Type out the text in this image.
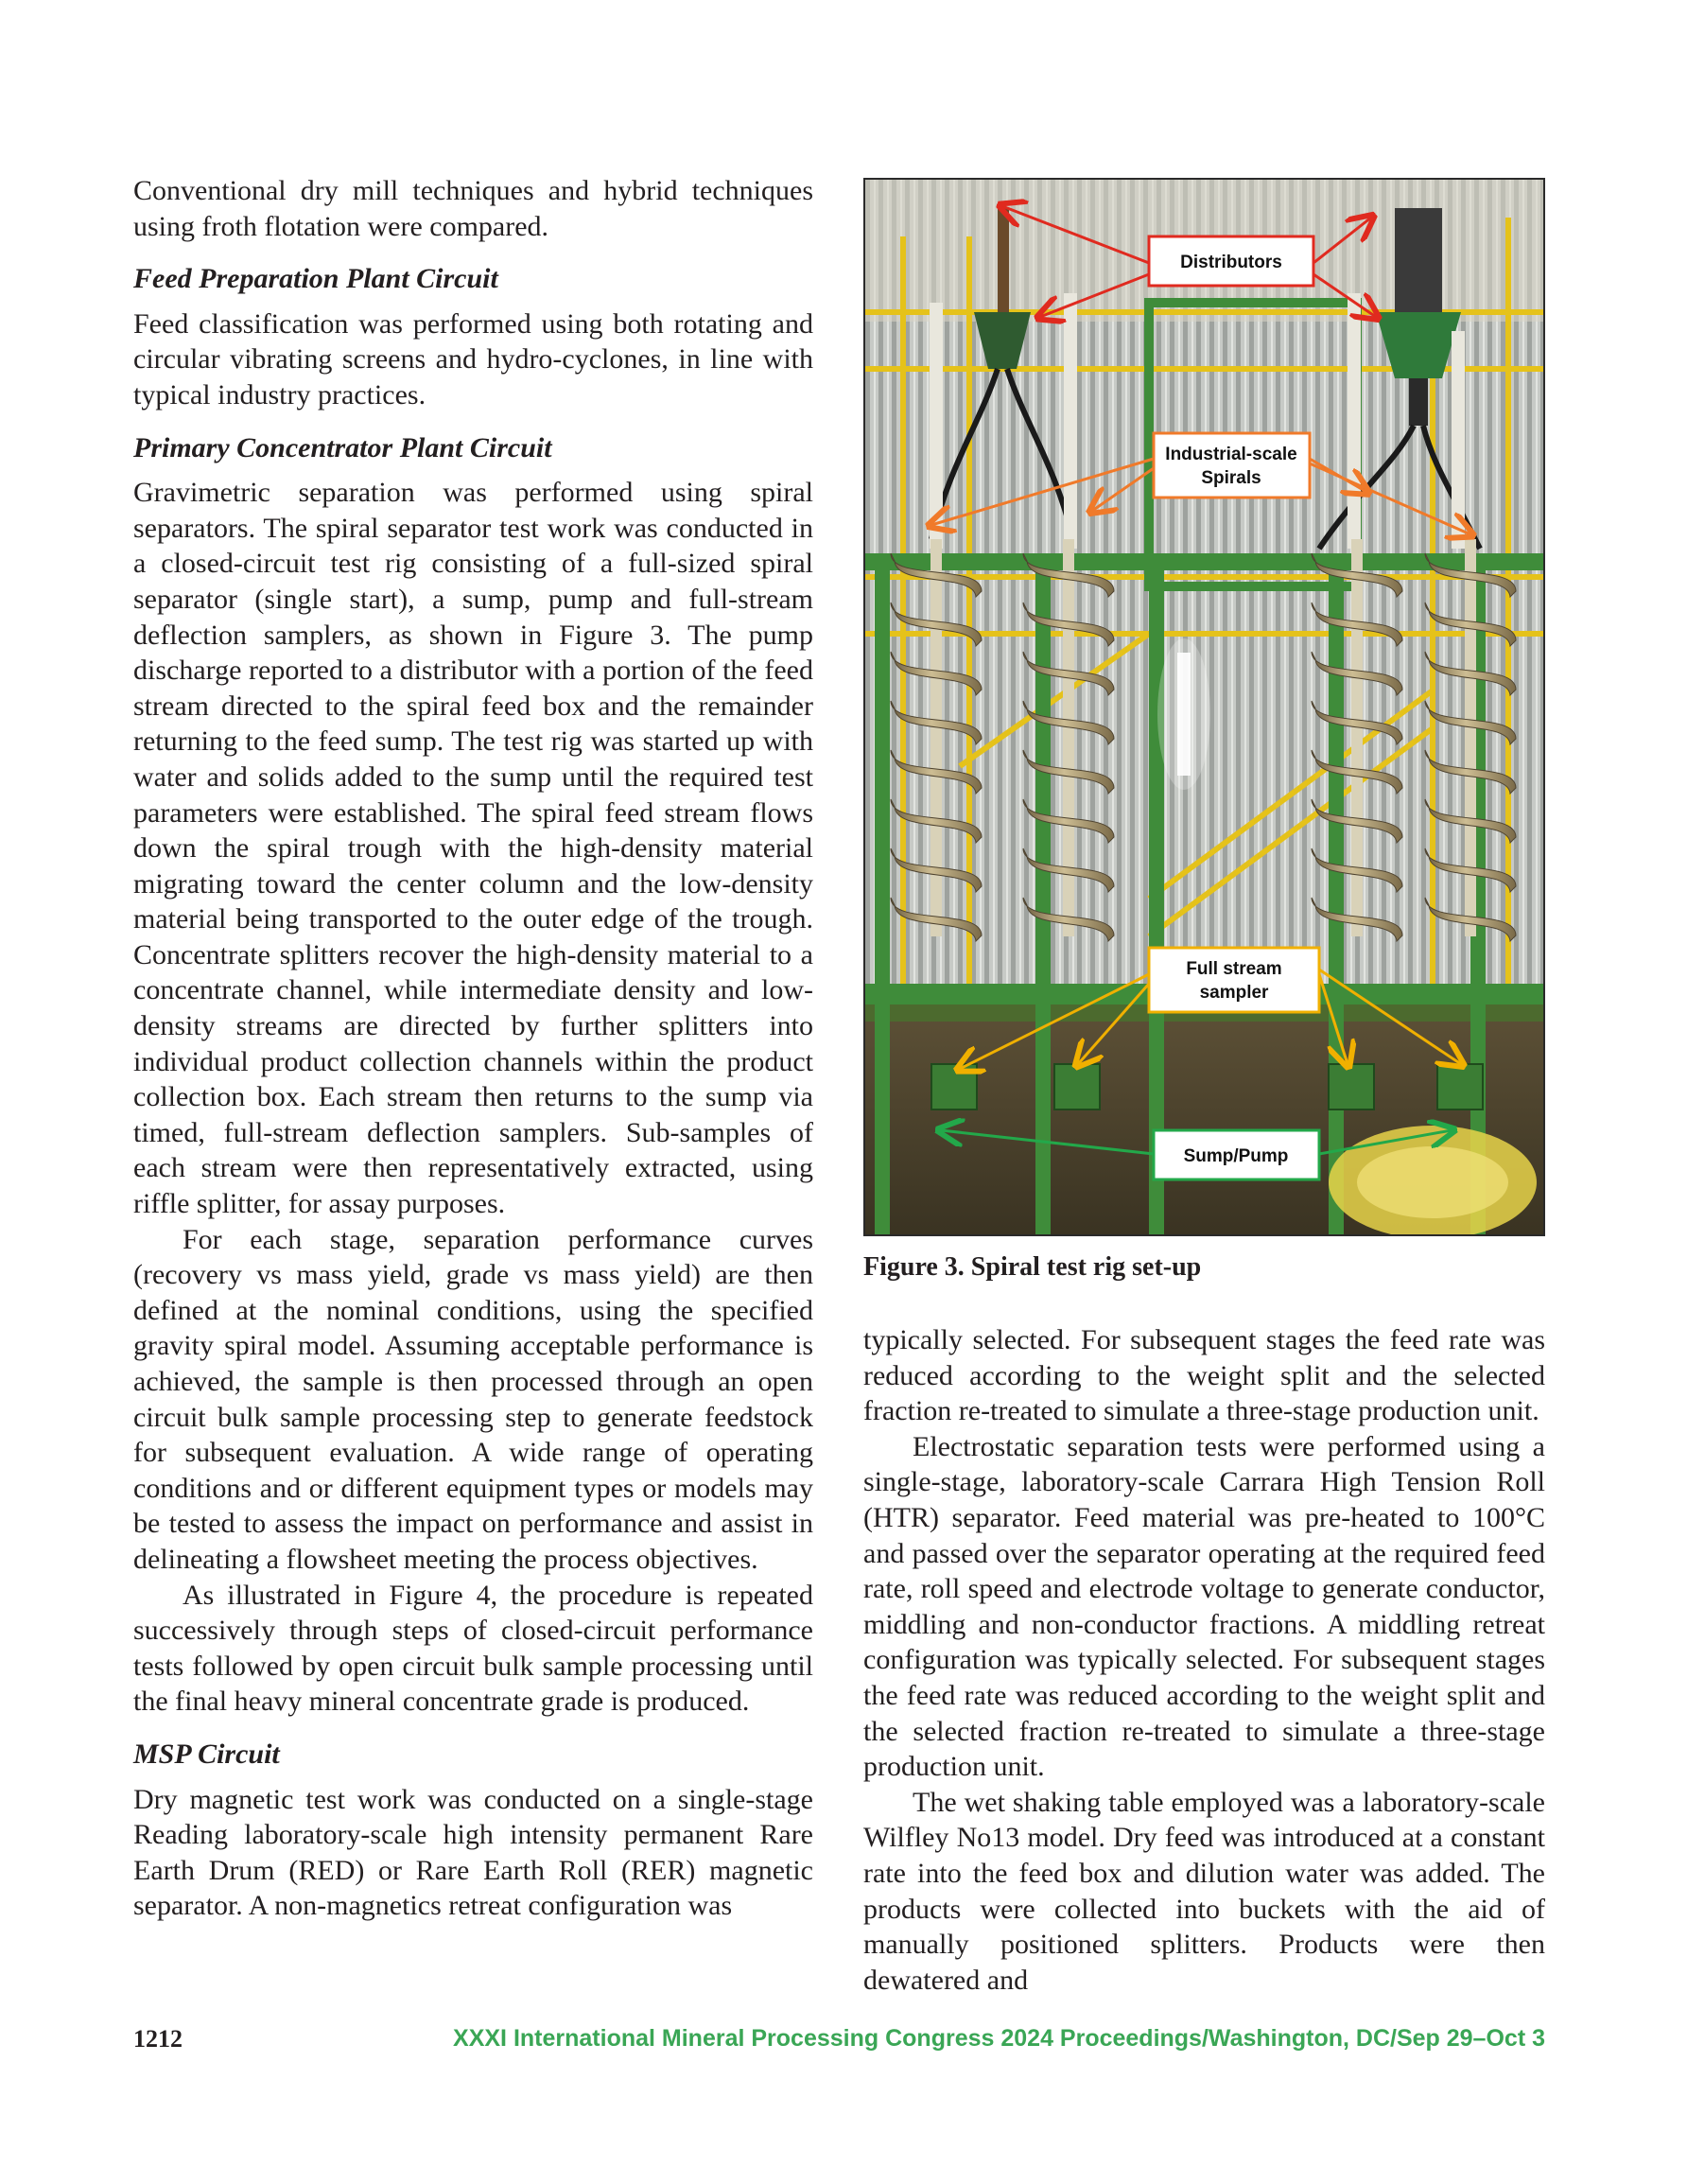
Conventional dry mill techniques and hybrid techniques using froth flotation were compared.

Feed Preparation Plant Circuit

Feed classification was performed using both rotating and circular vibrating screens and hydro-cyclones, in line with typical industry practices.

Primary Concentrator Plant Circuit

Gravimetric separation was performed using spiral separators. The spiral separator test work was conducted in a closed-circuit test rig consisting of a full-sized spiral separator (single start), a sump, pump and full-stream deflection samplers, as shown in Figure 3. The pump discharge reported to a distributor with a portion of the feed stream directed to the spiral feed box and the remainder returning to the feed sump. The test rig was started up with water and solids added to the sump until the required test parameters were established. The spiral feed stream flows down the spiral trough with the high-density material migrating toward the center column and the low-density material being transported to the outer edge of the trough. Concentrate splitters recover the high-density material to a concentrate channel, while intermediate density and low-density streams are directed by further splitters into individual product collection channels within the product collection box. Each stream then returns to the sump via timed, full-stream deflection samplers. Sub-samples of each stream were then representatively extracted, using riffle splitter, for assay purposes.

For each stage, separation performance curves (recovery vs mass yield, grade vs mass yield) are then defined at the nominal conditions, using the specified gravity spiral model. Assuming acceptable performance is achieved, the sample is then processed through an open circuit bulk sample processing step to generate feedstock for subsequent evaluation. A wide range of operating conditions and or different equipment types or models may be tested to assess the impact on performance and assist in delineating a flowsheet meeting the process objectives.

As illustrated in Figure 4, the procedure is repeated successively through steps of closed-circuit performance tests followed by open circuit bulk sample processing until the final heavy mineral concentrate grade is produced.

MSP Circuit

Dry magnetic test work was conducted on a single-stage Reading laboratory-scale high intensity permanent Rare Earth Drum (RED) or Rare Earth Roll (RER) magnetic separator. A non-magnetics retreat configuration was

Distributors
Industrial-scale
Spirals
Full stream
sampler
Sump/Pump
Figure 3. Spiral test rig set-up

typically selected. For subsequent stages the feed rate was reduced according to the weight split and the selected fraction re-treated to simulate a three-stage production unit.

Electrostatic separation tests were performed using a single-stage, laboratory-scale Carrara High Tension Roll (HTR) separator. Feed material was pre-heated to 100°C and passed over the separator operating at the required feed rate, roll speed and electrode voltage to generate conductor, middling and non-conductor fractions. A middling retreat configuration was typically selected. For subsequent stages the feed rate was reduced according to the weight split and the selected fraction re-treated to simulate a three-stage production unit.

The wet shaking table employed was a laboratory-scale Wilfley No13 model. Dry feed was introduced at a constant rate into the feed box and dilution water was added. The products were collected into buckets with the aid of manually positioned splitters. Products were then dewatered and

1212	XXXI International Mineral Processing Congress 2024 Proceedings/Washington, DC/Sep 29–Oct 3
